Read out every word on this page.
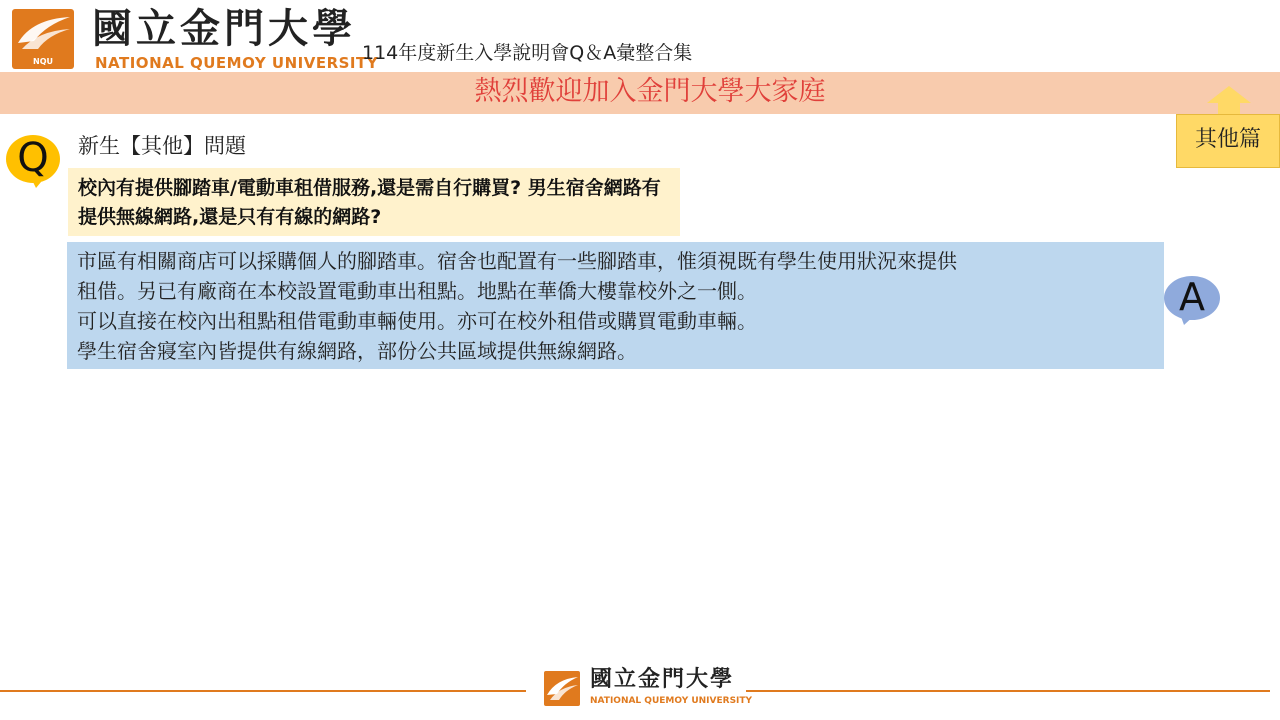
NQU
國立金門大學
NATIONAL QUEMOY UNIVERSITY
114年度新生入學說明會Q＆A彙整合集
熱烈歡迎加入金門大學大家庭
其他篇
Q	新生【其他】問題
校內有提供腳踏車/電動車租借服務,還是需自行購買? 男生宿舍網路有提供無線網路,還是只有有線的網路?
市區有相關商店可以採購個人的腳踏車。宿舍也配置有一些腳踏車，惟須視既有學生使用狀況來提供
租借。另已有廠商在本校設置電動車出租點。地點在華僑大樓靠校外之一側。
可以直接在校內出租點租借電動車輛使用。亦可在校外租借或購買電動車輛。
學生宿舍寢室內皆提供有線網路，部份公共區域提供無線網路。
A
國立金門大學
NATIONAL QUEMOY UNIVERSITY
